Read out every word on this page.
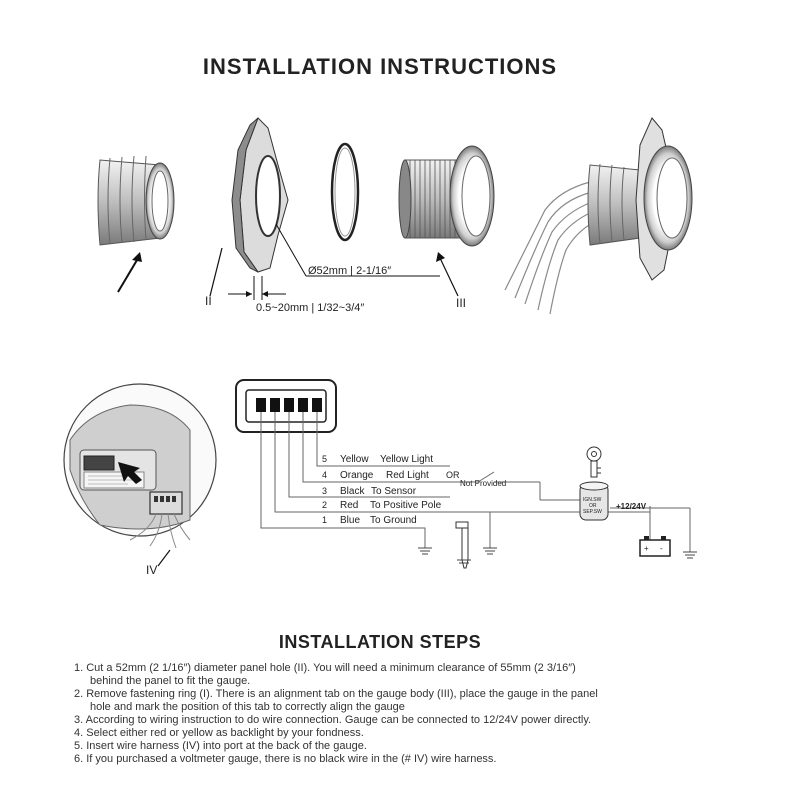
INSTALLATION INSTRUCTIONS
II
Ø52mm | 2-1/16″
0.5~20mm | 1/32~3/4″	III
5 Yellow Yellow Light
4 Orange Red Light
3 Black To Sensor
2 Red To Positive Pole
1 Blue To Ground
OR
Not Provided
IGN.SW
OR
SEP.SW
+12/24V
+ -
IV
INSTALLATION STEPS
1. Cut a 52mm (2 1/16″) diameter panel hole (II). You will need a minimum clearance of 55mm (2 3/16″)
behind the panel to fit the gauge.
2. Remove fastening ring (I). There is an alignment tab on the gauge body (III), place the gauge in the panel
hole and mark the position of this tab to correctly align the gauge
3. According to wiring instruction to do wire connection. Gauge can be connected to 12/24V power directly.
4. Select either red or yellow as backlight by your fondness.
5. Insert wire harness (IV) into port at the back of the gauge.
6. If you purchased a voltmeter gauge, there is no black wire in the (# IV) wire harness.
